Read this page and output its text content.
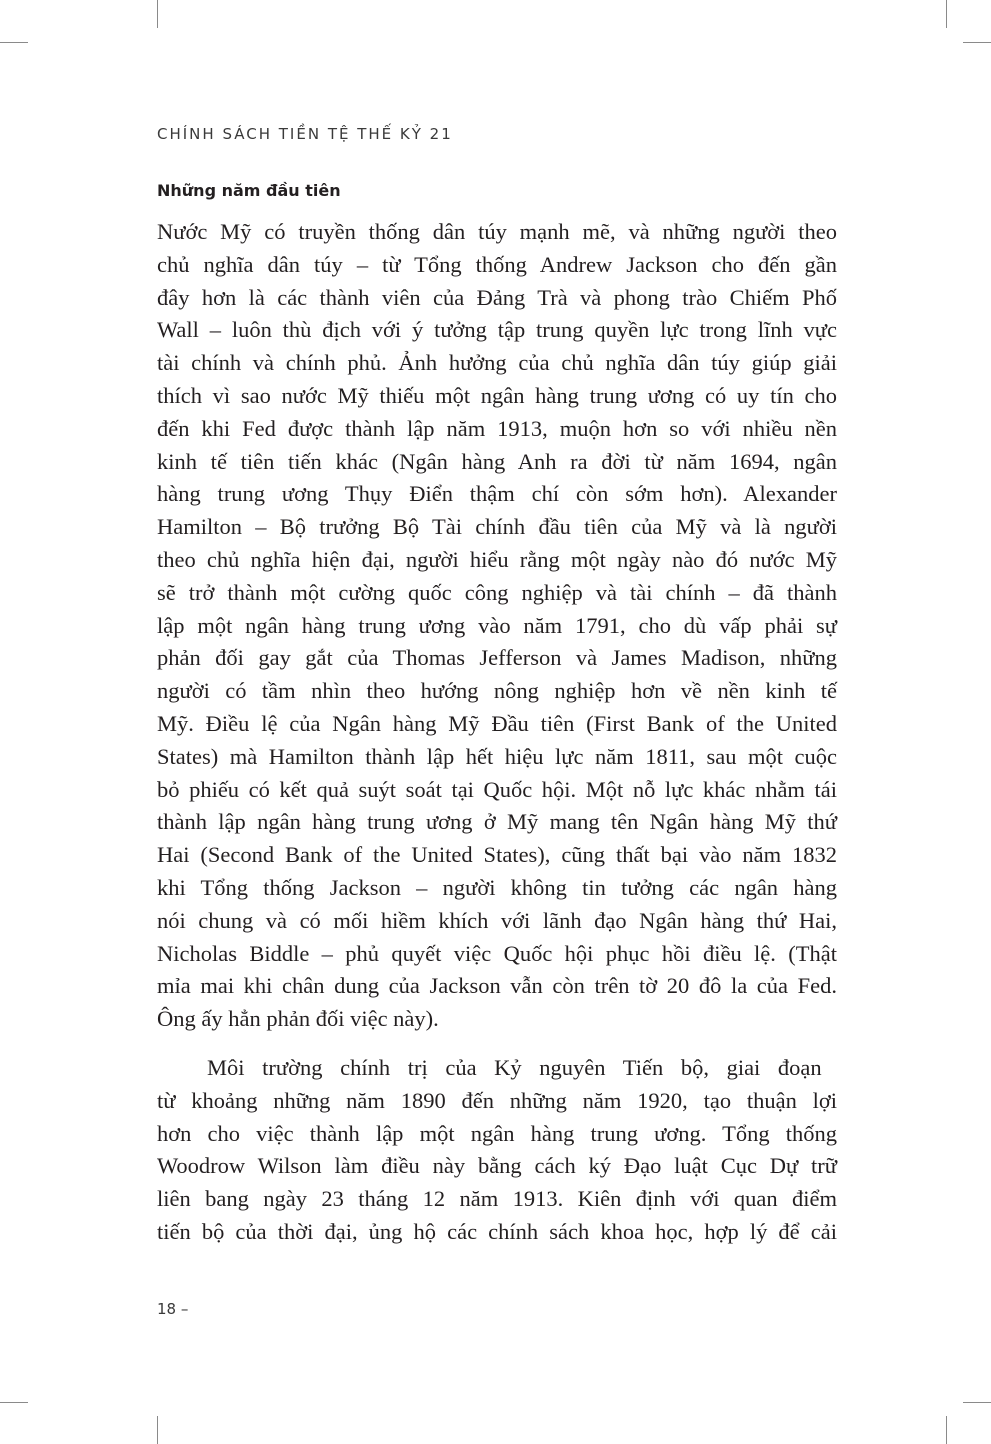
CHÍNH SÁCH TIỀN TỆ THẾ KỶ 21
Những năm đầu tiên
Nước Mỹ có truyền thống dân túy mạnh mẽ, và những người theo
chủ nghĩa dân túy – từ Tổng thống Andrew Jackson cho đến gần
đây hơn là các thành viên của Đảng Trà và phong trào Chiếm Phố
Wall – luôn thù địch với ý tưởng tập trung quyền lực trong lĩnh vực
tài chính và chính phủ. Ảnh hưởng của chủ nghĩa dân túy giúp giải
thích vì sao nước Mỹ thiếu một ngân hàng trung ương có uy tín cho
đến khi Fed được thành lập năm 1913, muộn hơn so với nhiều nền
kinh tế tiên tiến khác (Ngân hàng Anh ra đời từ năm 1694, ngân
hàng trung ương Thụy Điển thậm chí còn sớm hơn). Alexander
Hamilton – Bộ trưởng Bộ Tài chính đầu tiên của Mỹ và là người
theo chủ nghĩa hiện đại, người hiểu rằng một ngày nào đó nước Mỹ
sẽ trở thành một cường quốc công nghiệp và tài chính – đã thành
lập một ngân hàng trung ương vào năm 1791, cho dù vấp phải sự
phản đối gay gắt của Thomas Jefferson và James Madison, những
người có tầm nhìn theo hướng nông nghiệp hơn về nền kinh tế
Mỹ. Điều lệ của Ngân hàng Mỹ Đầu tiên (First Bank of the United
States) mà Hamilton thành lập hết hiệu lực năm 1811, sau một cuộc
bỏ phiếu có kết quả suýt soát tại Quốc hội. Một nỗ lực khác nhằm tái
thành lập ngân hàng trung ương ở Mỹ mang tên Ngân hàng Mỹ thứ
Hai (Second Bank of the United States), cũng thất bại vào năm 1832
khi Tổng thống Jackson – người không tin tưởng các ngân hàng
nói chung và có mối hiềm khích với lãnh đạo Ngân hàng thứ Hai,
Nicholas Biddle – phủ quyết việc Quốc hội phục hồi điều lệ. (Thật
mỉa mai khi chân dung của Jackson vẫn còn trên tờ 20 đô la của Fed.
Ông ấy hẳn phản đối việc này).
Môi trường chính trị của Kỷ nguyên Tiến bộ, giai đoạn
từ khoảng những năm 1890 đến những năm 1920, tạo thuận lợi
hơn cho việc thành lập một ngân hàng trung ương. Tổng thống
Woodrow Wilson làm điều này bằng cách ký Đạo luật Cục Dự trữ
liên bang ngày 23 tháng 12 năm 1913. Kiên định với quan điểm
tiến bộ của thời đại, ủng hộ các chính sách khoa học, hợp lý để cải
18 –
